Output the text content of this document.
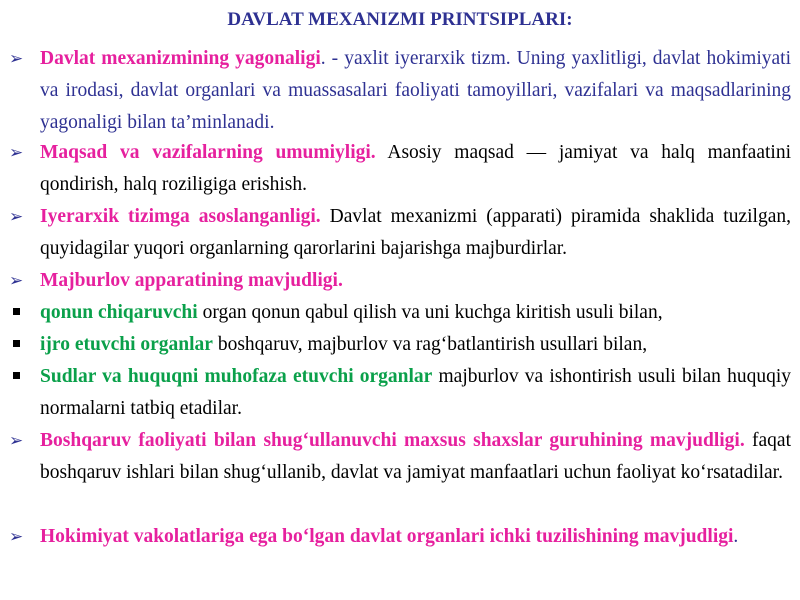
DAVLAT MEXANIZMI PRINTSIPLARI:
➢ Davlat mexanizmining yagonaligi. - yaxlit iyerarxik tizm. Uning yaxlitligi, davlat hokimiyati va irodasi, davlat organlari va muassasalari faoliyati tamoyillari, vazifalari va maqsadlarining yagonaligi bilan ta’minlanadi.
➢ Maqsad va vazifalarning umumiyligi. Asosiy maqsad — jamiyat va halq manfaatini qondirish, halq roziligiga erishish.
➢ Iyerarxik tizimga asoslanganligi. Davlat mexanizmi (apparati) piramida shaklida tuzilgan, quyidagilar yuqori organlarning qarorlarini bajarishga majburdirlar.
➢ Majburlov apparatining mavjudligi.
qonun chiqaruvchi organ qonun qabul qilish va uni kuchga kiritish usuli bilan,
ijro etuvchi organlar boshqaruv, majburlov va rag‘batlantirish usullari bilan,
Sudlar va huquqni muhofaza etuvchi organlar majburlov va ishontirish usuli bilan huquqiy normalarni tatbiq etadilar.
➢ Boshqaruv faoliyati bilan shug‘ullanuvchi maxsus shaxslar guruhining mavjudligi. faqat boshqaruv ishlari bilan shug‘ullanib, davlat va jamiyat manfaatlari uchun faoliyat ko‘rsatadilar.
➢ Hokimiyat vakolatlariga ega bo‘lgan davlat organlari ichki tuzilishining mavjudligi.
